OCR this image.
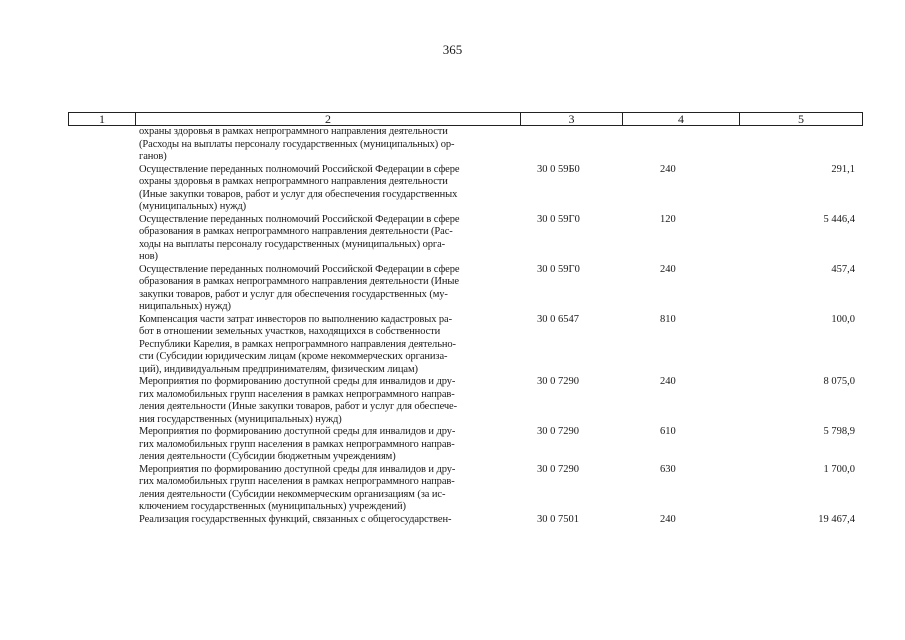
365
1	2	3	4	5
охраны здоровья в рамках непрограммного направления деятельности
(Расходы на выплаты персоналу государственных (муниципальных) ор-
ганов)
Осуществление переданных полномочий Российской Федерации в сфере
охраны здоровья в рамках непрограммного направления деятельности
(Иные закупки товаров, работ и услуг для обеспечения государственных
(муниципальных) нужд)
30 0 59Б0	240	291,1
Осуществление переданных полномочий Российской Федерации в сфере
образования в рамках непрограммного направления деятельности (Рас-
ходы на выплаты персоналу государственных (муниципальных) орга-
нов)
30 0 59Г0	120	5 446,4
Осуществление переданных полномочий Российской Федерации в сфере
образования в рамках непрограммного направления деятельности (Иные
закупки товаров, работ и услуг для обеспечения государственных (му-
ниципальных) нужд)
30 0 59Г0	240	457,4
Компенсация части затрат инвесторов по выполнению кадастровых ра-
бот в отношении земельных участков, находящихся в собственности
Республики Карелия, в рамках непрограммного направления деятельно-
сти (Субсидии юридическим лицам (кроме некоммерческих организа-
ций), индивидуальным предпринимателям, физическим лицам)
30 0 6547	810	100,0
Мероприятия по формированию доступной среды для инвалидов и дру-
гих маломобильных групп населения в рамках непрограммного направ-
ления деятельности (Иные закупки товаров, работ и услуг для обеспече-
ния государственных (муниципальных) нужд)
30 0 7290	240	8 075,0
Мероприятия по формированию доступной среды для инвалидов и дру-
гих маломобильных групп населения в рамках непрограммного направ-
ления деятельности (Субсидии бюджетным учреждениям)
30 0 7290	610	5 798,9
Мероприятия по формированию доступной среды для инвалидов и дру-
гих маломобильных групп населения в рамках непрограммного направ-
ления деятельности (Субсидии некоммерческим организациям (за ис-
ключением государственных (муниципальных) учреждений)
30 0 7290	630	1 700,0
Реализация государственных функций, связанных с общегосударствен-	30 0 7501	240	19 467,4
